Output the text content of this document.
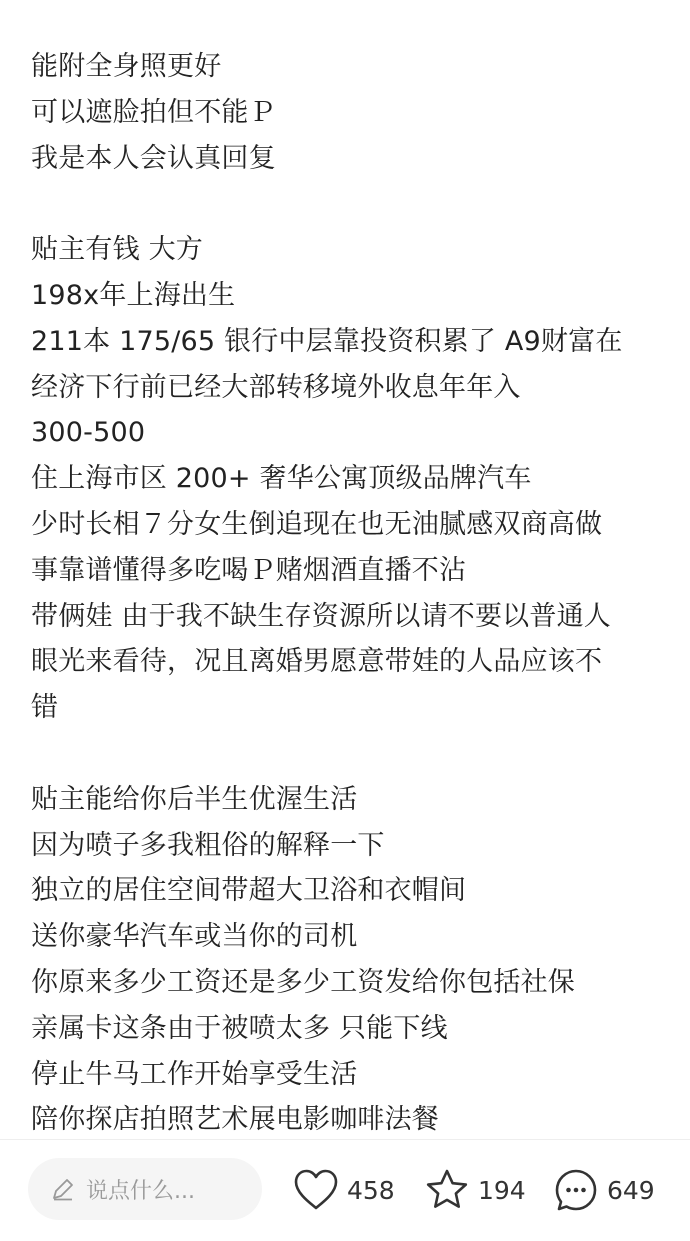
能附全身照更好
可以遮脸拍但不能Ｐ
我是本人会认真回复
贴主有钱 大方
198x年上海出生
211本 175/65 银行中层靠投资积累了 A9财富在
经济下行前已经大部转移境外收息年年入
300-500
住上海市区 200+ 奢华公寓顶级品牌汽车
少时长相７分女生倒追现在也无油腻感双商高做
事靠谱懂得多吃喝Ｐ赌烟酒直播不沾
带俩娃 由于我不缺生存资源所以请不要以普通人
眼光来看待，况且离婚男愿意带娃的人品应该不
错
贴主能给你后半生优渥生活
因为喷子多我粗俗的解释一下
独立的居住空间带超大卫浴和衣帽间
送你豪华汽车或当你的司机
你原来多少工资还是多少工资发给你包括社保
亲属卡这条由于被喷太多 只能下线
停止牛马工作开始享受生活
陪你探店拍照艺术展电影咖啡法餐
说点什么...	458	194	649
